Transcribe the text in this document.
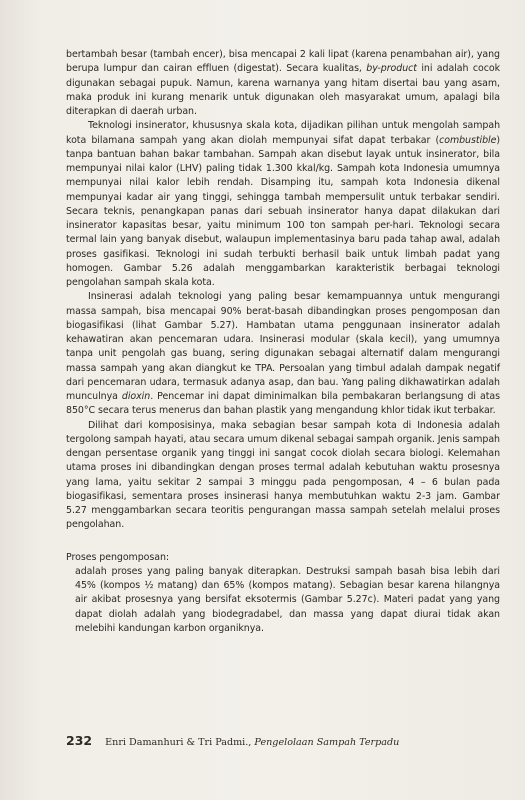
bertambah besar (tambah encer), bisa mencapai 2 kali lipat (karena penambahan air), yang berupa lumpur dan cairan effluen (digestat). Secara kualitas, by-product ini adalah cocok digunakan sebagai pupuk. Namun, karena warnanya yang hitam disertai bau yang asam, maka produk ini kurang menarik untuk digunakan oleh masyarakat umum, apalagi bila diterapkan di daerah urban.

Teknologi insinerator, khususnya skala kota, dijadikan pilihan untuk mengolah sampah kota bilamana sampah yang akan diolah mempunyai sifat dapat terbakar (combustible) tanpa bantuan bahan bakar tambahan. Sampah akan disebut layak untuk insinerator, bila mempunyai nilai kalor (LHV) paling tidak 1.300 kkal/kg. Sampah kota Indonesia umumnya mempunyai nilai kalor lebih rendah. Disamping itu, sampah kota Indonesia dikenal mempunyai kadar air yang tinggi, sehingga tambah mempersulit untuk terbakar sendiri. Secara teknis, penangkapan panas dari sebuah insinerator hanya dapat dilakukan dari insinerator kapasitas besar, yaitu minimum 100 ton sampah per-hari. Teknologi secara termal lain yang banyak disebut, walaupun implementasinya baru pada tahap awal, adalah proses gasifikasi. Teknologi ini sudah terbukti berhasil baik untuk limbah padat yang homogen. Gambar 5.26 adalah menggambarkan karakteristik berbagai teknologi pengolahan sampah skala kota.

Insinerasi adalah teknologi yang paling besar kemampuannya untuk mengurangi massa sampah, bisa mencapai 90% berat-basah dibandingkan proses pengomposan dan biogasifikasi (lihat Gambar 5.27). Hambatan utama penggunaan insinerator adalah kehawatiran akan pencemaran udara. Insinerasi modular (skala kecil), yang umumnya tanpa unit pengolah gas buang, sering digunakan sebagai alternatif dalam mengurangi massa sampah yang akan diangkut ke TPA. Persoalan yang timbul adalah dampak negatif dari pencemaran udara, termasuk adanya asap, dan bau. Yang paling dikhawatirkan adalah munculnya dioxin. Pencemar ini dapat diminimalkan bila pembakaran berlangsung di atas 850°C secara terus menerus dan bahan plastik yang mengandung khlor tidak ikut terbakar.

Dilihat dari komposisinya, maka sebagian besar sampah kota di Indonesia adalah tergolong sampah hayati, atau secara umum dikenal sebagai sampah organik. Jenis sampah dengan persentase organik yang tinggi ini sangat cocok diolah secara biologi. Kelemahan utama proses ini dibandingkan dengan proses termal adalah kebutuhan waktu prosesnya yang lama, yaitu sekitar 2 sampai 3 minggu pada pengomposan, 4 – 6 bulan pada biogasifikasi, sementara proses insinerasi hanya membutuhkan waktu 2-3 jam. Gambar 5.27 menggambarkan secara teoritis pengurangan massa sampah setelah melalui proses pengolahan.

Proses pengomposan:

adalah proses yang paling banyak diterapkan. Destruksi sampah basah bisa lebih dari 45% (kompos ½ matang) dan 65% (kompos matang). Sebagian besar karena hilangnya air akibat prosesnya yang bersifat eksotermis (Gambar 5.27c). Materi padat yang yang dapat diolah adalah yang biodegradabel, dan massa yang dapat diurai tidak akan melebihi kandungan karbon organiknya.

232 Enri Damanhuri & Tri Padmi., Pengelolaan Sampah Terpadu
